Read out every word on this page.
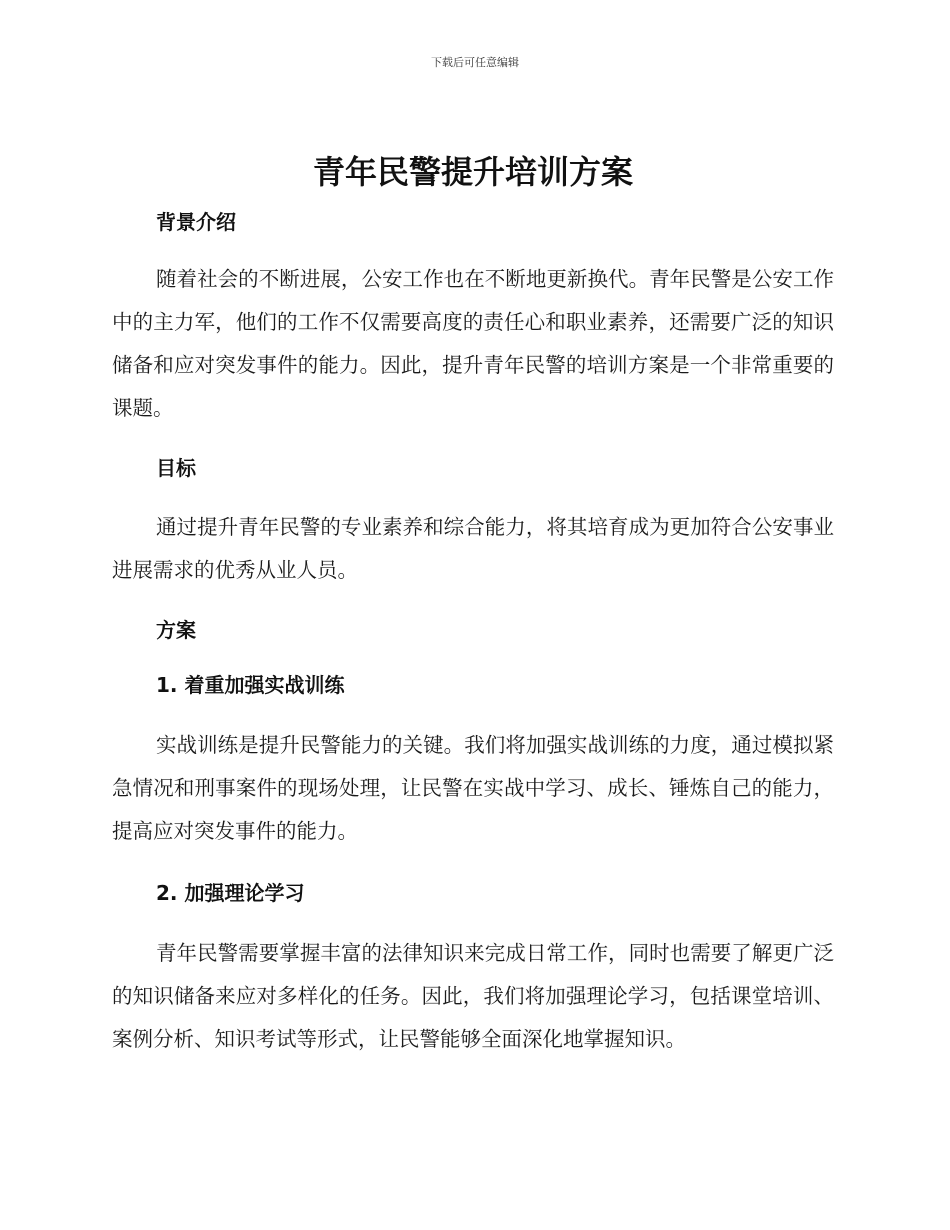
下载后可任意编辑
青年民警提升培训方案
背景介绍

随着社会的不断进展，公安工作也在不断地更新换代。青年民警是公安工作中的主力军，他们的工作不仅需要高度的责任心和职业素养，还需要广泛的知识储备和应对突发事件的能力。因此，提升青年民警的培训方案是一个非常重要的课题。

目标

通过提升青年民警的专业素养和综合能力，将其培育成为更加符合公安事业进展需求的优秀从业人员。

方案
1. 着重加强实战训练

实战训练是提升民警能力的关键。我们将加强实战训练的力度，通过模拟紧急情况和刑事案件的现场处理，让民警在实战中学习、成长、锤炼自己的能力，提高应对突发事件的能力。

2. 加强理论学习

青年民警需要掌握丰富的法律知识来完成日常工作，同时也需要了解更广泛的知识储备来应对多样化的任务。因此，我们将加强理论学习，包括课堂培训、案例分析、知识考试等形式，让民警能够全面深化地掌握知识。
